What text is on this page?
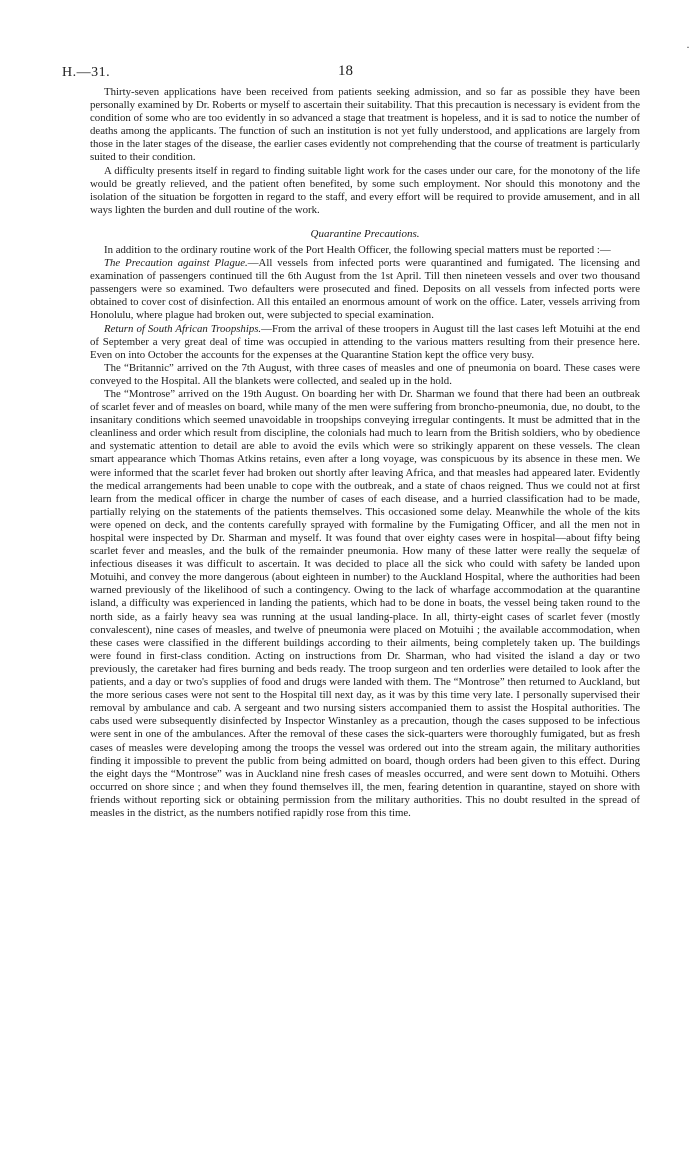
H.—31.	18
·

Thirty-seven applications have been received from patients seeking admission, and so far as possible they have been personally examined by Dr. Roberts or myself to ascertain their suitability. That this precaution is necessary is evident from the condition of some who are too evidently in so advanced a stage that treatment is hopeless, and it is sad to notice the number of deaths among the applicants. The function of such an institution is not yet fully understood, and applications are largely from those in the later stages of the disease, the earlier cases evidently not comprehending that the course of treatment is particularly suited to their condition.

A difficulty presents itself in regard to finding suitable light work for the cases under our care, for the monotony of the life would be greatly relieved, and the patient often benefited, by some such employment. Nor should this monotony and the isolation of the situation be forgotten in regard to the staff, and every effort will be required to provide amusement, and in all ways lighten the burden and dull routine of the work.

Quarantine Precautions.

In addition to the ordinary routine work of the Port Health Officer, the following special matters must be reported :—

The Precaution against Plague.—All vessels from infected ports were quarantined and fumigated. The licensing and examination of passengers continued till the 6th August from the 1st April. Till then nineteen vessels and over two thousand passengers were so examined. Two defaulters were prosecuted and fined. Deposits on all vessels from infected ports were obtained to cover cost of disinfection. All this entailed an enormous amount of work on the office. Later, vessels arriving from Honolulu, where plague had broken out, were subjected to special examination.

Return of South African Troopships.—From the arrival of these troopers in August till the last cases left Motuihi at the end of September a very great deal of time was occupied in attending to the various matters resulting from their presence here. Even on into October the accounts for the expenses at the Quarantine Station kept the office very busy.

The “Britannic” arrived on the 7th August, with three cases of measles and one of pneumonia on board. These cases were conveyed to the Hospital. All the blankets were collected, and sealed up in the hold.

The “Montrose” arrived on the 19th August. On boarding her with Dr. Sharman we found that there had been an outbreak of scarlet fever and of measles on board, while many of the men were suffering from broncho-pneumonia, due, no doubt, to the insanitary conditions which seemed unavoidable in troopships conveying irregular contingents. It must be admitted that in the cleanliness and order which result from discipline, the colonials had much to learn from the British soldiers, who by obedience and systematic attention to detail are able to avoid the evils which were so strikingly apparent on these vessels. The clean smart appearance which Thomas Atkins retains, even after a long voyage, was conspicuous by its absence in these men. We were informed that the scarlet fever had broken out shortly after leaving Africa, and that measles had appeared later. Evidently the medical arrangements had been unable to cope with the outbreak, and a state of chaos reigned. Thus we could not at first learn from the medical officer in charge the number of cases of each disease, and a hurried classification had to be made, partially relying on the statements of the patients themselves. This occasioned some delay. Meanwhile the whole of the kits were opened on deck, and the contents carefully sprayed with formaline by the Fumigating Officer, and all the men not in hospital were inspected by Dr. Sharman and myself. It was found that over eighty cases were in hospital—about fifty being scarlet fever and measles, and the bulk of the remainder pneumonia. How many of these latter were really the sequelæ of infectious diseases it was difficult to ascertain. It was decided to place all the sick who could with safety be landed upon Motuihi, and convey the more dangerous (about eighteen in number) to the Auckland Hospital, where the authorities had been warned previously of the likelihood of such a contingency. Owing to the lack of wharfage accommodation at the quarantine island, a difficulty was experienced in landing the patients, which had to be done in boats, the vessel being taken round to the north side, as a fairly heavy sea was running at the usual landing-place. In all, thirty-eight cases of scarlet fever (mostly convalescent), nine cases of measles, and twelve of pneumonia were placed on Motuihi ; the available accommodation, when these cases were classified in the different buildings according to their ailments, being completely taken up. The buildings were found in first-class condition. Acting on instructions from Dr. Sharman, who had visited the island a day or two previously, the caretaker had fires burning and beds ready. The troop surgeon and ten orderlies were detailed to look after the patients, and a day or two's supplies of food and drugs were landed with them. The “Montrose” then returned to Auckland, but the more serious cases were not sent to the Hospital till next day, as it was by this time very late. I personally supervised their removal by ambulance and cab. A sergeant and two nursing sisters accompanied them to assist the Hospital authorities. The cabs used were subsequently disinfected by Inspector Winstanley as a precaution, though the cases supposed to be infectious were sent in one of the ambulances. After the removal of these cases the sick-quarters were thoroughly fumigated, but as fresh cases of measles were developing among the troops the vessel was ordered out into the stream again, the military authorities finding it impossible to prevent the public from being admitted on board, though orders had been given to this effect. During the eight days the “Montrose” was in Auckland nine fresh cases of measles occurred, and were sent down to Motuihi. Others occurred on shore since ; and when they found themselves ill, the men, fearing detention in quarantine, stayed on shore with friends without reporting sick or obtaining permission from the military authorities. This no doubt resulted in the spread of measles in the district, as the numbers notified rapidly rose from this time.
